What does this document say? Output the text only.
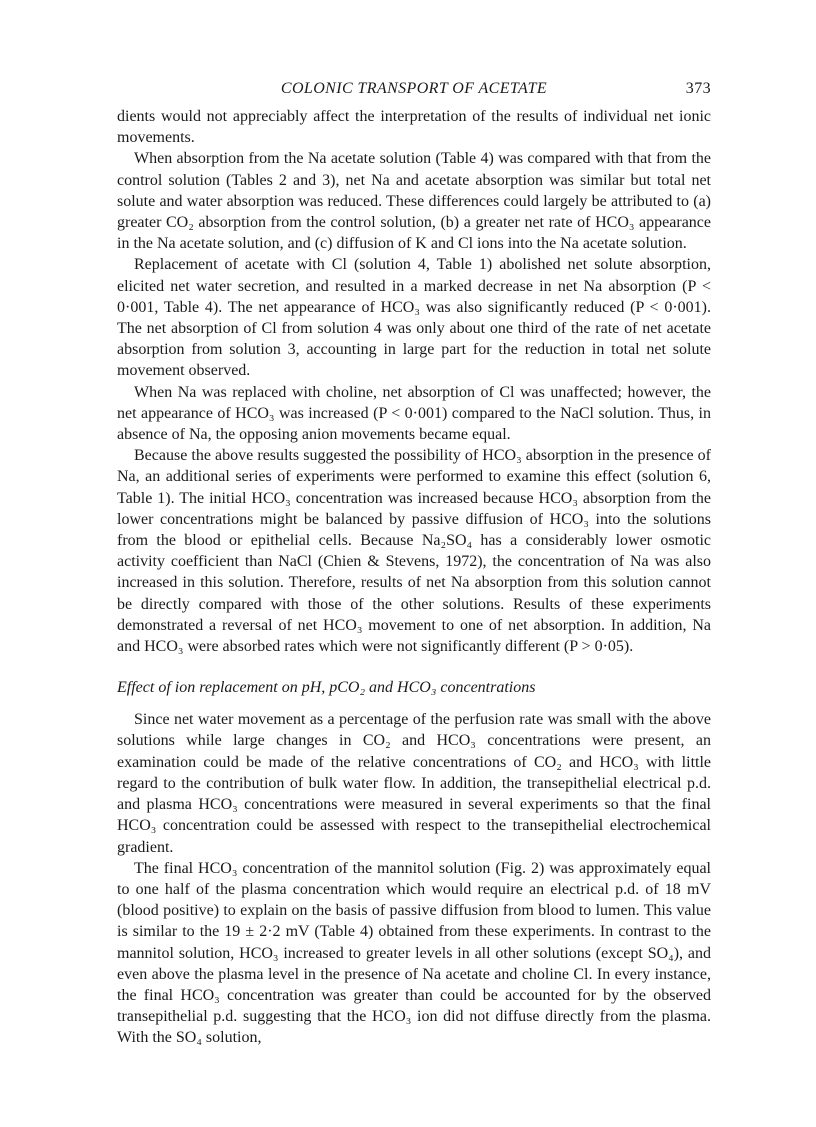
COLONIC TRANSPORT OF ACETATE	373

dients would not appreciably affect the interpretation of the results of individual net ionic movements.

When absorption from the Na acetate solution (Table 4) was compared with that from the control solution (Tables 2 and 3), net Na and acetate absorption was similar but total net solute and water absorption was reduced. These differences could largely be attributed to (a) greater CO₂ absorption from the control solution, (b) a greater net rate of HCO₃ appearance in the Na acetate solution, and (c) diffusion of K and Cl ions into the Na acetate solution.

Replacement of acetate with Cl (solution 4, Table 1) abolished net solute absorption, elicited net water secretion, and resulted in a marked decrease in net Na absorption (P < 0·001, Table 4). The net appearance of HCO₃ was also significantly reduced (P < 0·001). The net absorption of Cl from solution 4 was only about one third of the rate of net acetate absorption from solution 3, accounting in large part for the reduction in total net solute movement observed.

When Na was replaced with choline, net absorption of Cl was unaffected; however, the net appearance of HCO₃ was increased (P < 0·001) compared to the NaCl solution. Thus, in absence of Na, the opposing anion movements became equal.

Because the above results suggested the possibility of HCO₃ absorption in the presence of Na, an additional series of experiments were performed to examine this effect (solution 6, Table 1). The initial HCO₃ concentration was increased because HCO₃ absorption from the lower concentrations might be balanced by passive diffusion of HCO₃ into the solutions from the blood or epithelial cells. Because Na₂SO₄ has a considerably lower osmotic activity coefficient than NaCl (Chien & Stevens, 1972), the concentration of Na was also increased in this solution. Therefore, results of net Na absorption from this solution cannot be directly compared with those of the other solutions. Results of these experiments demonstrated a reversal of net HCO₃ movement to one of net absorption. In addition, Na and HCO₃ were absorbed rates which were not significantly different (P > 0·05).

Effect of ion replacement on pH, pCO₂ and HCO₃ concentrations

Since net water movement as a percentage of the perfusion rate was small with the above solutions while large changes in CO₂ and HCO₃ concentrations were present, an examination could be made of the relative concentrations of CO₂ and HCO₃ with little regard to the contribution of bulk water flow. In addition, the transepithelial electrical p.d. and plasma HCO₃ concentrations were measured in several experiments so that the final HCO₃ concentration could be assessed with respect to the transepithelial electrochemical gradient.

The final HCO₃ concentration of the mannitol solution (Fig. 2) was approximately equal to one half of the plasma concentration which would require an electrical p.d. of 18 mV (blood positive) to explain on the basis of passive diffusion from blood to lumen. This value is similar to the 19 ± 2·2 mV (Table 4) obtained from these experiments. In contrast to the mannitol solution, HCO₃ increased to greater levels in all other solutions (except SO₄), and even above the plasma level in the presence of Na acetate and choline Cl. In every instance, the final HCO₃ concentration was greater than could be accounted for by the observed transepithelial p.d. suggesting that the HCO₃ ion did not diffuse directly from the plasma. With the SO₄ solution,
